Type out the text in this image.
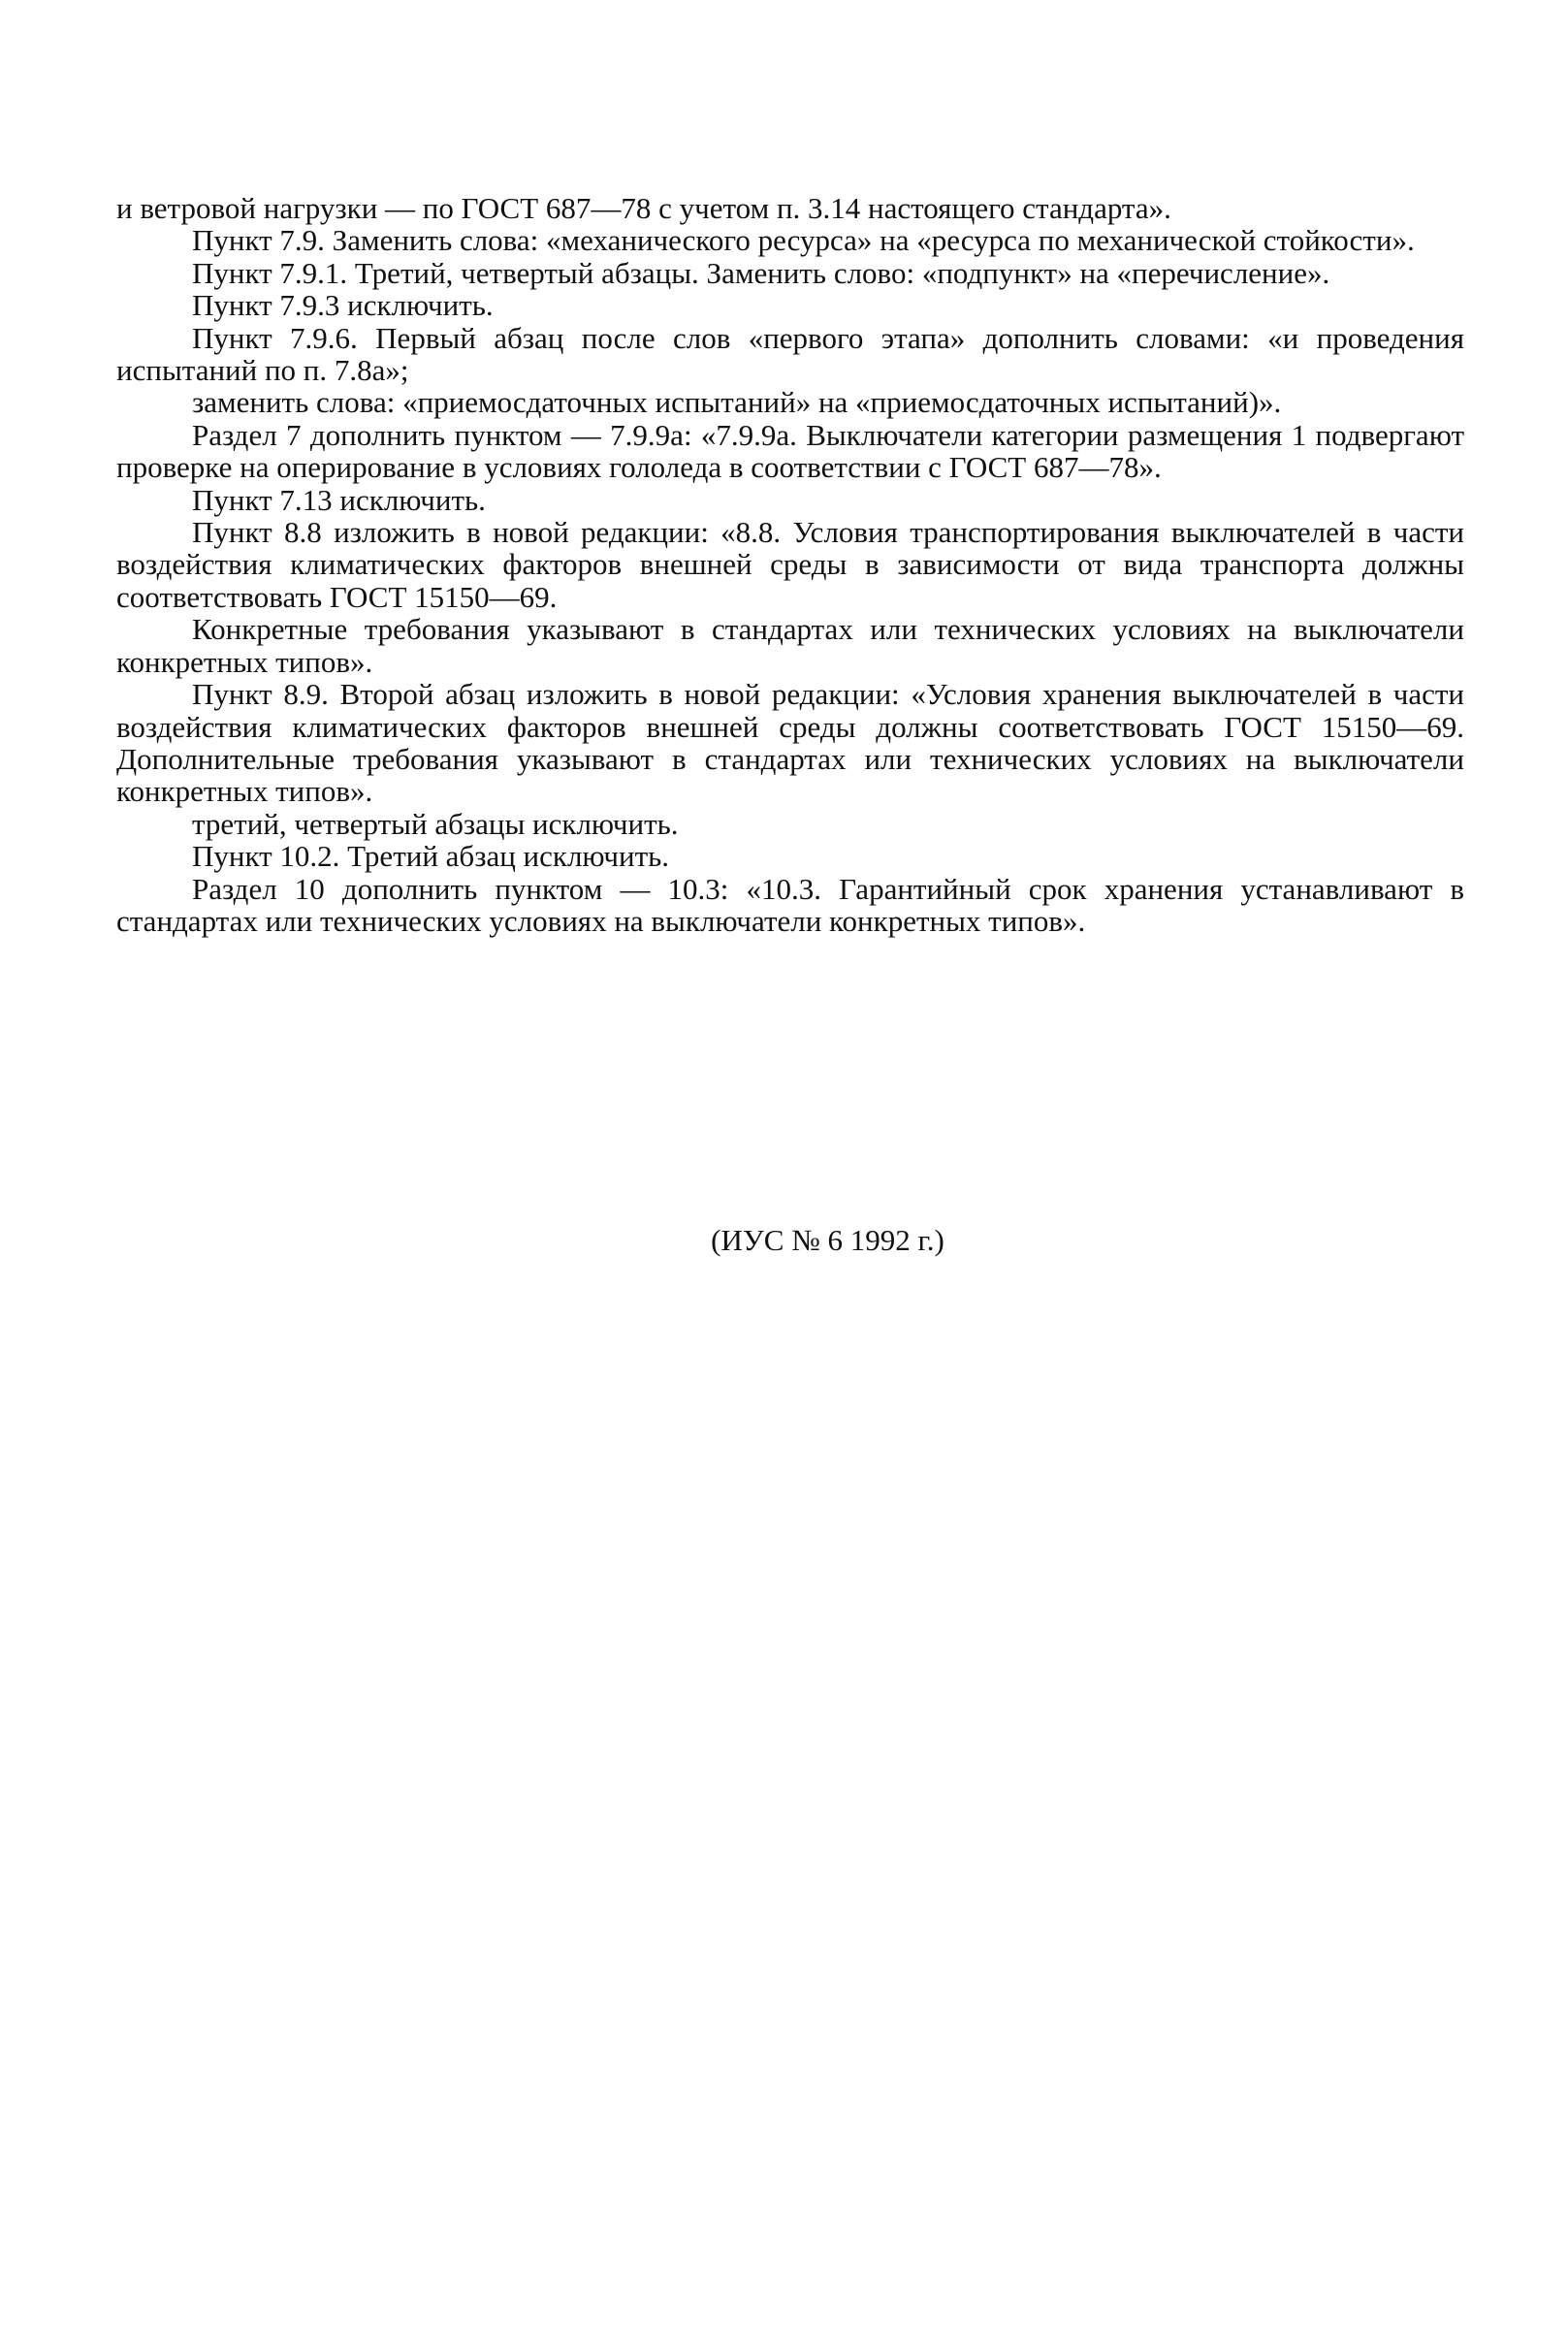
и ветровой нагрузки — по ГОСТ 687—78 с учетом п. 3.14 настоящего стандарта».

Пункт 7.9. Заменить слова: «механического ресурса» на «ресурса по механической стойкости».

Пункт 7.9.1. Третий, четвертый абзацы. Заменить слово: «подпункт» на «перечисление».

Пункт 7.9.3 исключить.

Пункт 7.9.6. Первый абзац после слов «первого этапа» дополнить словами: «и проведения испытаний по п. 7.8а»;

заменить слова: «приемосдаточных испытаний» на «приемосдаточных испытаний)».

Раздел 7 дополнить пунктом — 7.9.9а: «7.9.9а. Выключатели категории размещения 1 подвергают проверке на оперирование в условиях гололеда в соответствии с ГОСТ 687—78».

Пункт 7.13 исключить.

Пункт 8.8 изложить в новой редакции: «8.8. Условия транспортирования выключателей в части воздействия климатических факторов внешней среды в зависимости от вида транспорта должны соответствовать ГОСТ 15150—69.

Конкретные требования указывают в стандартах или технических условиях на выключатели конкретных типов».

Пункт 8.9. Второй абзац изложить в новой редакции: «Условия хранения выключателей в части воздействия климатических факторов внешней среды должны соответствовать ГОСТ 15150—69. Дополнительные требования указывают в стандартах или технических условиях на выключатели конкретных типов».

третий, четвертый абзацы исключить.

Пункт 10.2. Третий абзац исключить.

Раздел 10 дополнить пунктом — 10.3: «10.3. Гарантийный срок хранения устанавливают в стандартах или технических условиях на выключатели конкретных типов».

(ИУС № 6 1992 г.)
